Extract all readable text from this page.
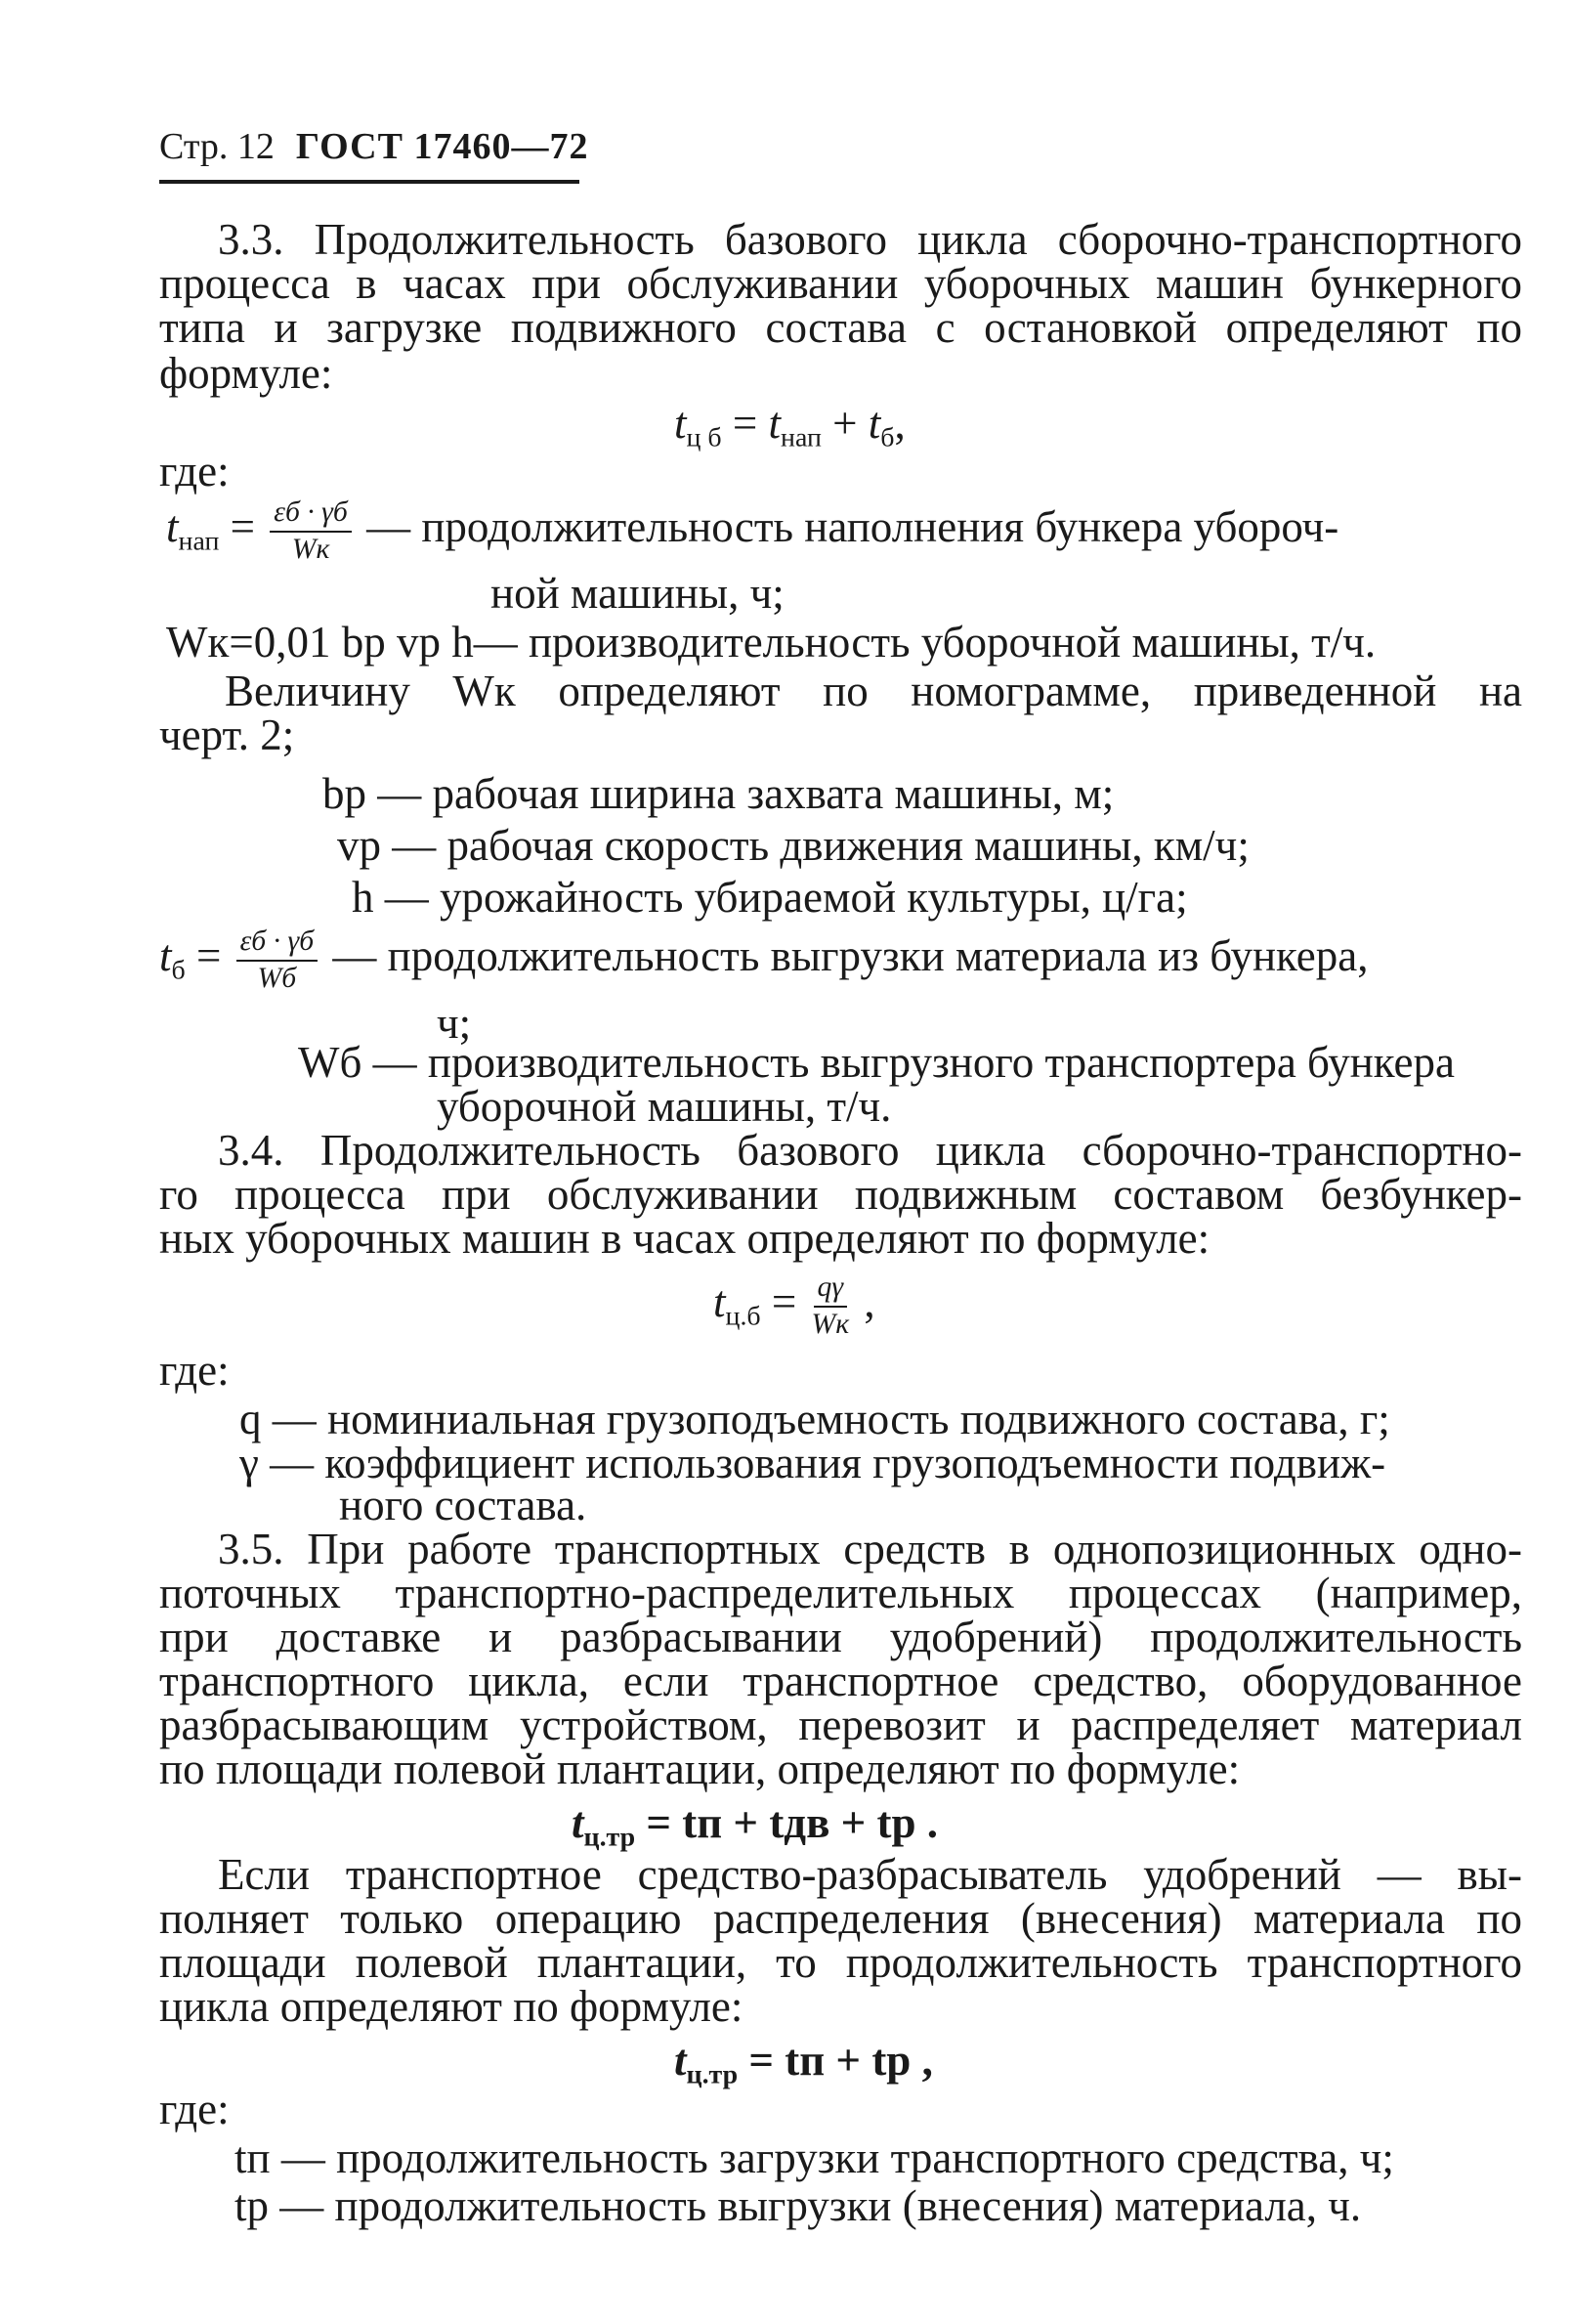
Стр. 12 ГОСТ 17460—72
3.3. Продолжительность базового цикла сборочно-транспортного
процесса в часах при обслуживании уборочных машин бункерного
типа и загрузке подвижного состава с остановкой определяют по
формуле:
$t_{ц б} = t_{нап} + t_б$,
где:
$t_{нап} = \frac{\varepsilon б \cdot \gamma б}{Wк}$ — продолжительность наполнения бункера убороч-
ной машины, ч;
Wк=0,01 bр vр h— производительность уборочной машины, т/ч.
Величину Wк определяют по номограмме, приведенной на
черт. 2;
bр — рабочая ширина захвата машины, м;
vр — рабочая скорость движения машины, км/ч;
h — урожайность убираемой культуры, ц/га;
$t_б = \frac{\varepsilon б \cdot \gamma б}{Wб}$ — продолжительность выгрузки материала из бункера,
ч;
Wб — производительность выгрузного транспортера бункера
уборочной машины, т/ч.
3.4. Продолжительность базового цикла сборочно-транспортно-
го процесса при обслуживании подвижным составом безбункер-
ных уборочных машин в часах определяют по формуле:
$t_{ц.б} = \frac{q\gamma}{Wк}$ ,
где:
q — номиниальная грузоподъемность подвижного состава, г;
γ — коэффициент использования грузоподъемности подвиж-
ного состава.
3.5. При работе транспортных средств в однопозиционных одно-
поточных транспортно-распределительных процессах (например,
при доставке и разбрасывании удобрений) продолжительность
транспортного цикла, если транспортное средство, оборудованное
разбрасывающим устройством, перевозит и распределяет материал
по площади полевой плантации, определяют по формуле:
$t_{ц.тр}$ = tп + tдв + tр .
Если транспортное средство-разбрасыватель удобрений — вы-
полняет только операцию распределения (внесения) материала по
площади полевой плантации, то продолжительность транспортного
цикла определяют по формуле:
$t_{ц.тр}$ = tп + tр ,
где:
tп — продолжительность загрузки транспортного средства, ч;
tр — продолжительность выгрузки (внесения) материала, ч.
